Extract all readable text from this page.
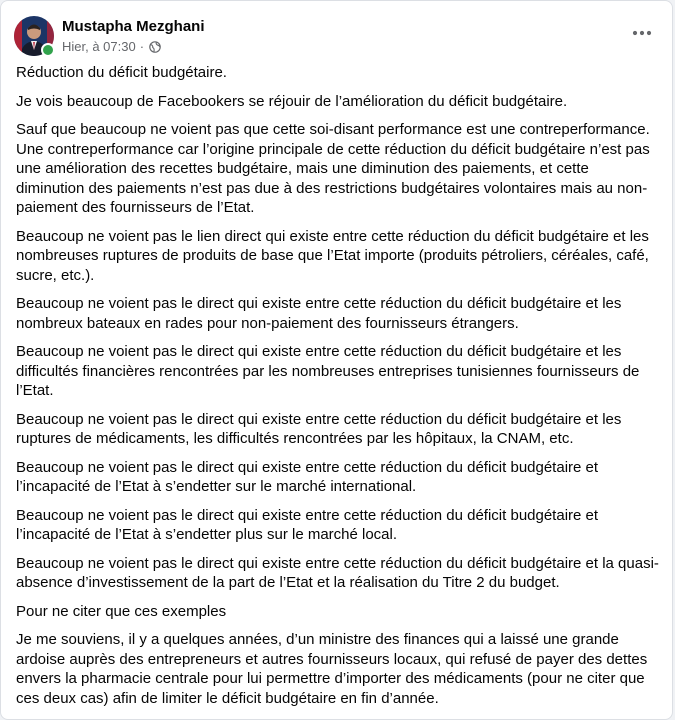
Mustapha Mezghani
Hier, à 07:30 ·

Réduction du déficit budgétaire.

Je vois beaucoup de Facebookers se réjouir de l’amélioration du déficit budgétaire.

Sauf que beaucoup ne voient pas que cette soi-disant performance est une contreperformance. Une contreperformance car l’origine principale de cette réduction du déficit budgétaire n’est pas une amélioration des recettes budgétaire, mais une diminution des paiements, et cette diminution des paiements n’est pas due à des restrictions budgétaires volontaires mais au non-paiement des fournisseurs de l’Etat.

Beaucoup ne voient pas le lien direct qui existe entre cette réduction du déficit budgétaire et les nombreuses ruptures de produits de base que l’Etat importe (produits pétroliers, céréales, café, sucre, etc.).

Beaucoup ne voient pas le direct qui existe entre cette réduction du déficit budgétaire et les nombreux bateaux en rades pour non-paiement des fournisseurs étrangers.

Beaucoup ne voient pas le direct qui existe entre cette réduction du déficit budgétaire et les difficultés financières rencontrées par les nombreuses entreprises tunisiennes fournisseurs de l’Etat.

Beaucoup ne voient pas le direct qui existe entre cette réduction du déficit budgétaire et les ruptures de médicaments, les difficultés rencontrées par les hôpitaux, la CNAM, etc.

Beaucoup ne voient pas le direct qui existe entre cette réduction du déficit budgétaire et l’incapacité de l’Etat à s’endetter sur le marché international.

Beaucoup ne voient pas le direct qui existe entre cette réduction du déficit budgétaire et l’incapacité de l’Etat à s’endetter plus sur le marché local.

Beaucoup ne voient pas le direct qui existe entre cette réduction du déficit budgétaire et la quasi-absence d’investissement de la part de l’Etat et la réalisation du Titre 2 du budget.

Pour ne citer que ces exemples

Je me souviens, il y a quelques années, d’un ministre des finances qui a laissé une grande ardoise auprès des entrepreneurs et autres fournisseurs locaux, qui refusé de payer des dettes envers la pharmacie centrale pour lui permettre d’importer des médicaments (pour ne citer que ces deux cas) afin de limiter le déficit budgétaire en fin d’année.
